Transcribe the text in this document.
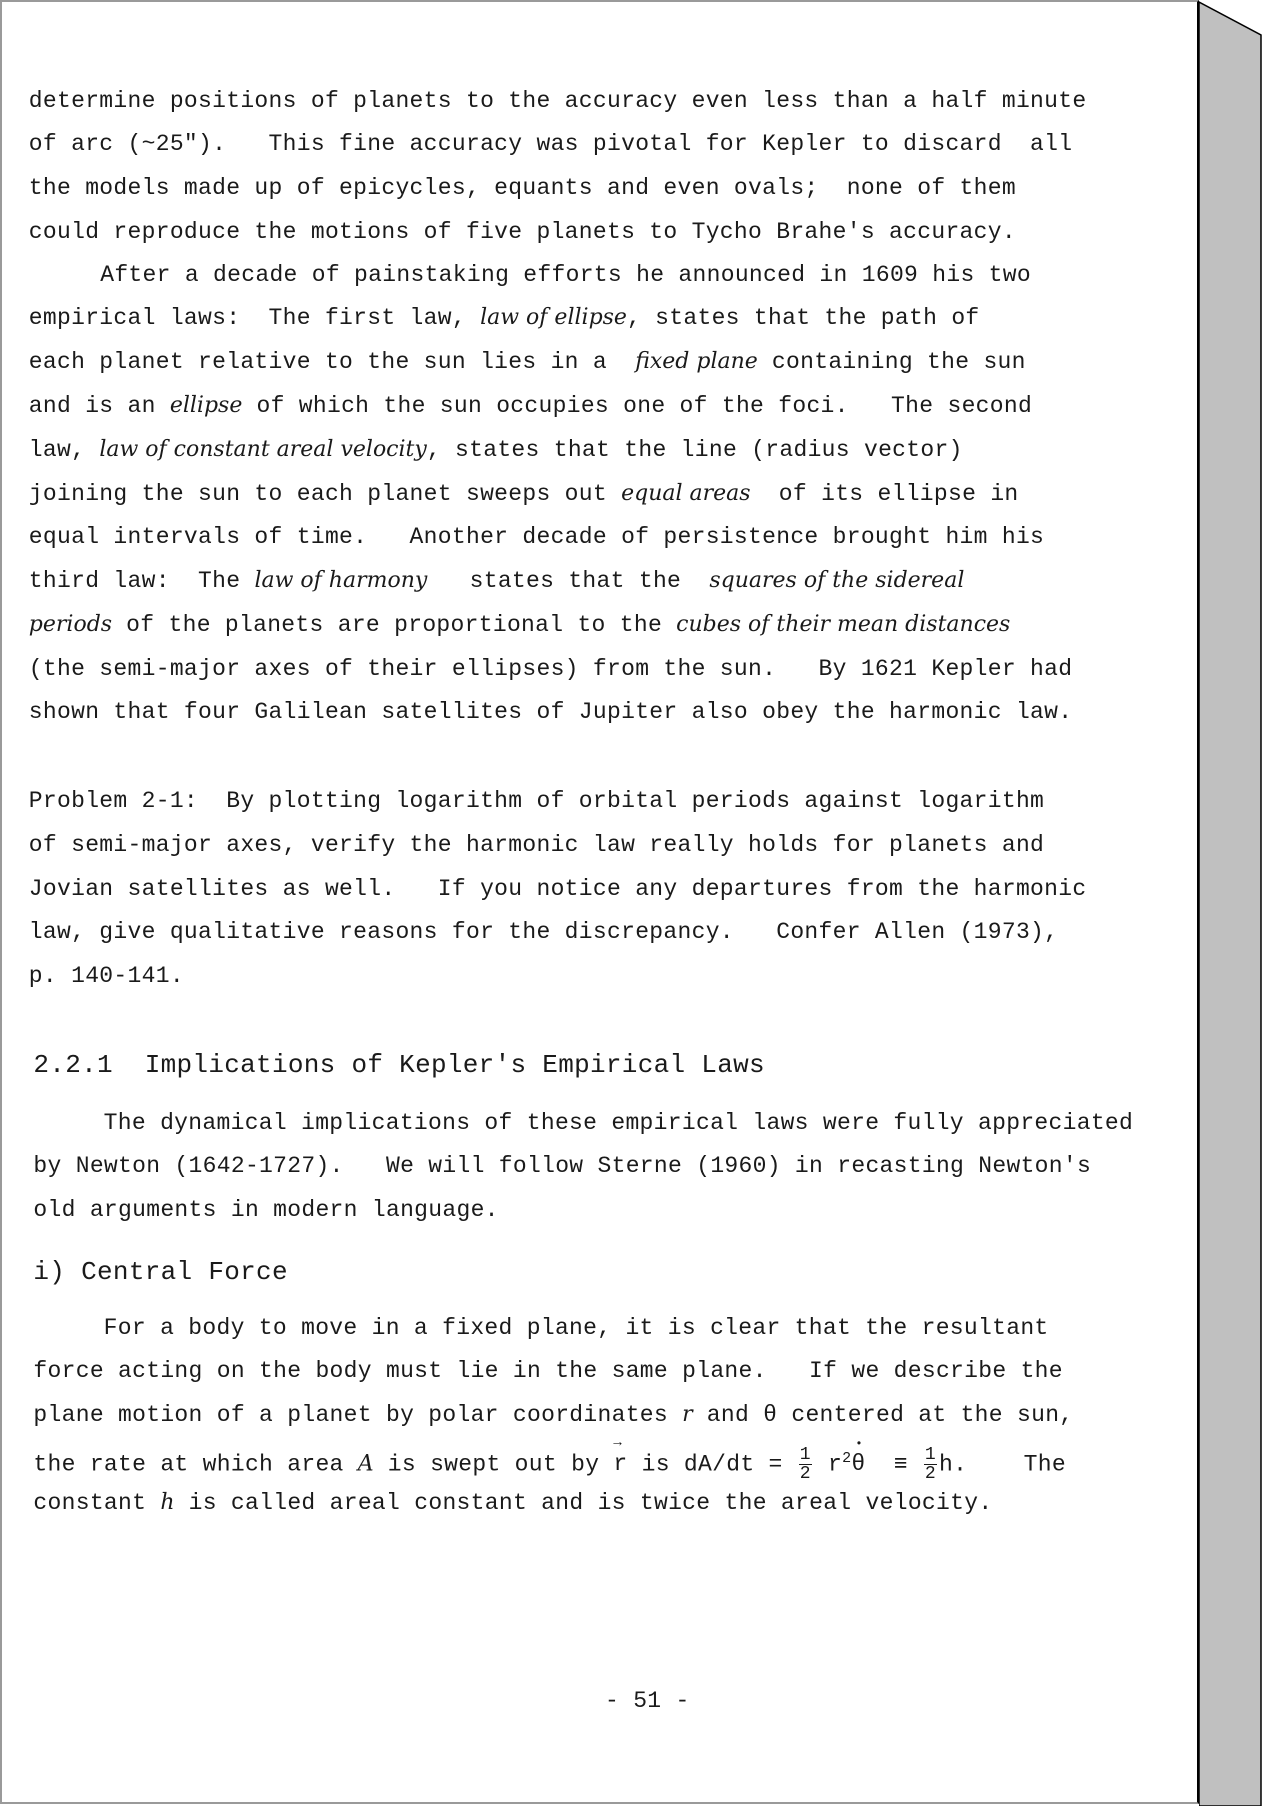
determine positions of planets to the accuracy even less than a half minute
of arc (~25").   This fine accuracy was pivotal for Kepler to discard  all
the models made up of epicycles, equants and even ovals;  none of them
could reproduce the motions of five planets to Tycho Brahe's accuracy.
After a decade of painstaking efforts he announced in 1609 his two
empirical laws:  The first law, law of ellipse, states that the path of
each planet relative to the sun lies in a  fixed plane containing the sun
and is an ellipse of which the sun occupies one of the foci.   The second
law, law of constant areal velocity, states that the line (radius vector)
joining the sun to each planet sweeps out equal areas  of its ellipse in
equal intervals of time.   Another decade of persistence brought him his
third law:  The law of harmony   states that the  squares of the sidereal
periods of the planets are proportional to the cubes of their mean distances
(the semi-major axes of their ellipses) from the sun.   By 1621 Kepler had
shown that four Galilean satellites of Jupiter also obey the harmonic law.
Problem 2-1:  By plotting logarithm of orbital periods against logarithm
of semi-major axes, verify the harmonic law really holds for planets and
Jovian satellites as well.   If you notice any departures from the harmonic
law, give qualitative reasons for the discrepancy.   Confer Allen (1973),
p. 140-141.
2.2.1  Implications of Kepler's Empirical Laws
The dynamical implications of these empirical laws were fully appreciated
by Newton (1642-1727).   We will follow Sterne (1960) in recasting Newton's
old arguments in modern language.
i) Central Force
For a body to move in a fixed plane, it is clear that the resultant
force acting on the body must lie in the same plane.   If we describe the
plane motion of a planet by polar coordinates r and θ centered at the sun,
the rate at which area A is swept out by → r is $dA/dt = \frac{1}{2}$ $r^2•$ $\theta \equiv \frac{1}{2} h$.    The
constant h is called areal constant and is twice the areal velocity.
- 51 -
